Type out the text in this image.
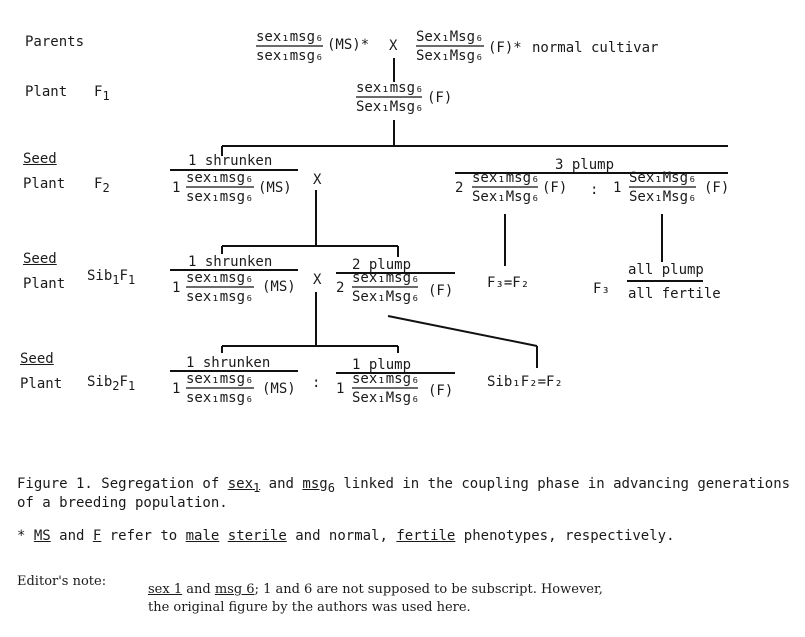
Parents
Plant $F_1$
Seed
Plant $F_2$
Seed
Plant $Sib_1F_1$
Seed
Plant $Sib_2F_1$
sex₁msg₆
sex₁msg₆
(MS)* X
Sex₁Msg₆
Sex₁Msg₆ (F)* normal cultivar
sex₁msg₆
Sex₁Msg₆
(F)
1 shrunken	3 plump
1
sex₁msg₆
sex₁msg₆
(MS) X	2
sex₁msg₆
Sex₁Msg₆
(F) : 1
Sex₁Msg₆
Sex₁Msg₆
(F)
1 shrunken	2 plump
1
sex₁msg₆
sex₁msg₆
(MS) X 2
sex₁msg₆
Sex₁Msg₆ (F) F₃=F₂	F₃
all plump
all fertile
1 shrunken	1 plump
1
sex₁msg₆
sex₁msg₆
(MS) : 1
sex₁msg₆
Sex₁Msg₆ (F)
Sib₁F₂=F₂
Figure 1. Segregation of sex$_1$ and msg$_6$ linked in the coupling phase in advancing generations
of a breeding population.
* MS and F refer to male sterile and normal, fertile phenotypes, respectively.
Editor's note:
sex 1 and msg 6; 1 and 6 are not supposed to be subscript. However,
the original figure by the authors was used here.
